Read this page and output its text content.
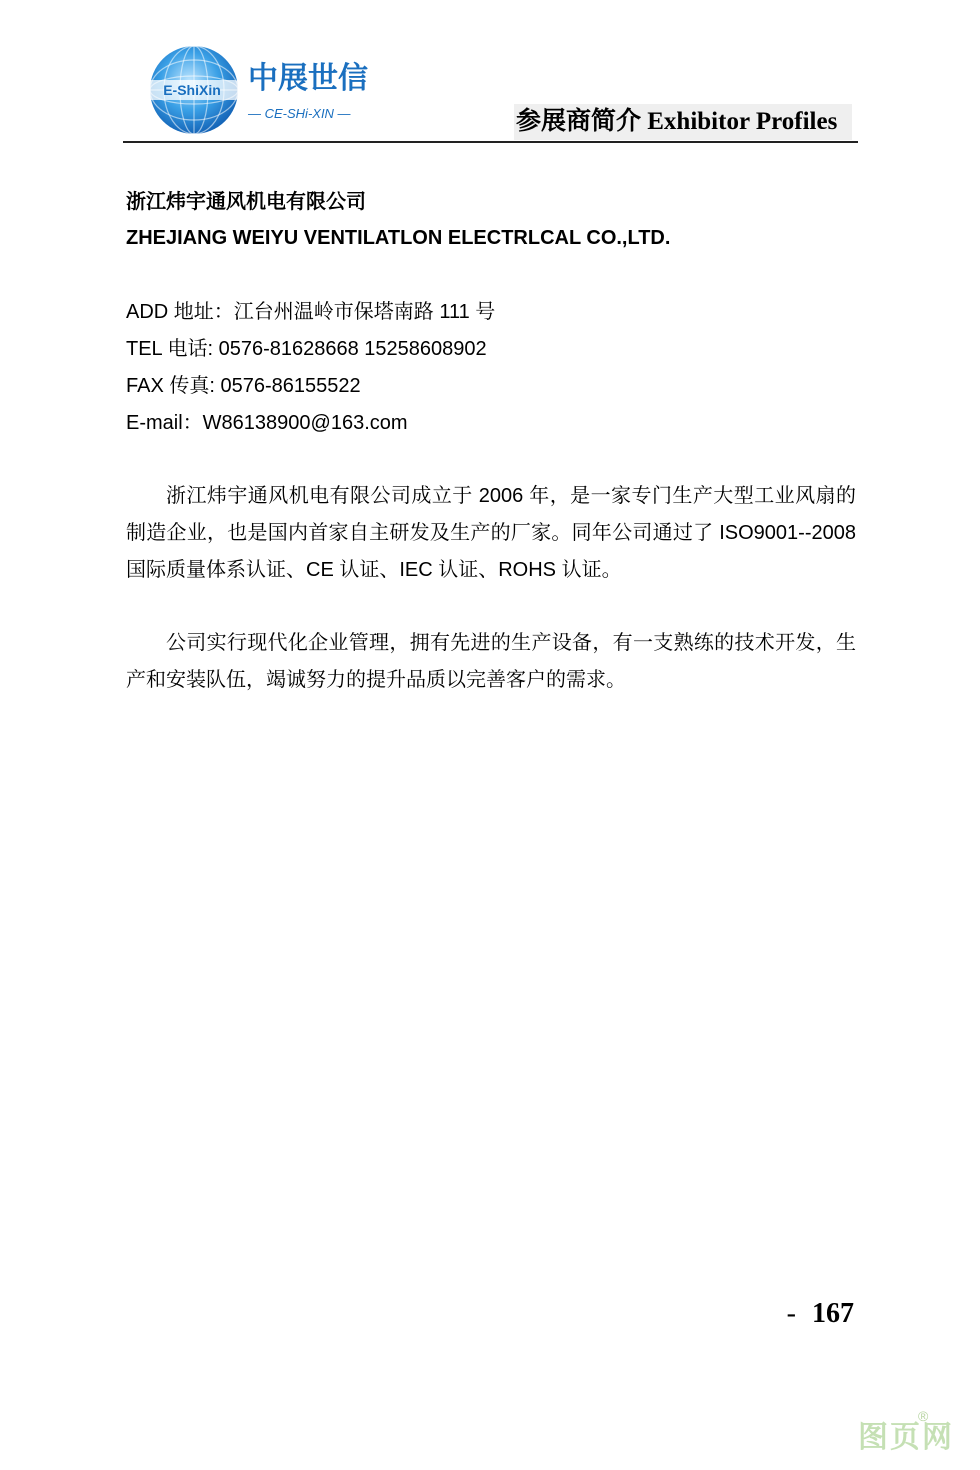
E-ShiXin 中展世信
— CE-SHi-XIN —	参展商简介 Exhibitor Profiles

浙江炜宇通风机电有限公司

ZHEJIANG WEIYU VENTILATLON ELECTRLCAL CO.,LTD.

ADD 地址：江台州温岭市保塔南路 111 号

TEL 电话: 0576-81628668 15258608902

FAX 传真: 0576-86155522

E-mail：W86138900@163.com

浙江炜宇通风机电有限公司成立于 2006 年，是一家专门生产大型工业风扇的制造企业，也是国内首家自主研发及生产的厂家。同年公司通过了 ISO9001--2008 国际质量体系认证、CE 认证、IEC 认证、ROHS 认证。

公司实行现代化企业管理，拥有先进的生产设备，有一支熟练的技术开发，生产和安装队伍，竭诚努力的提升品质以完善客户的需求。

- 167
图页网
®
